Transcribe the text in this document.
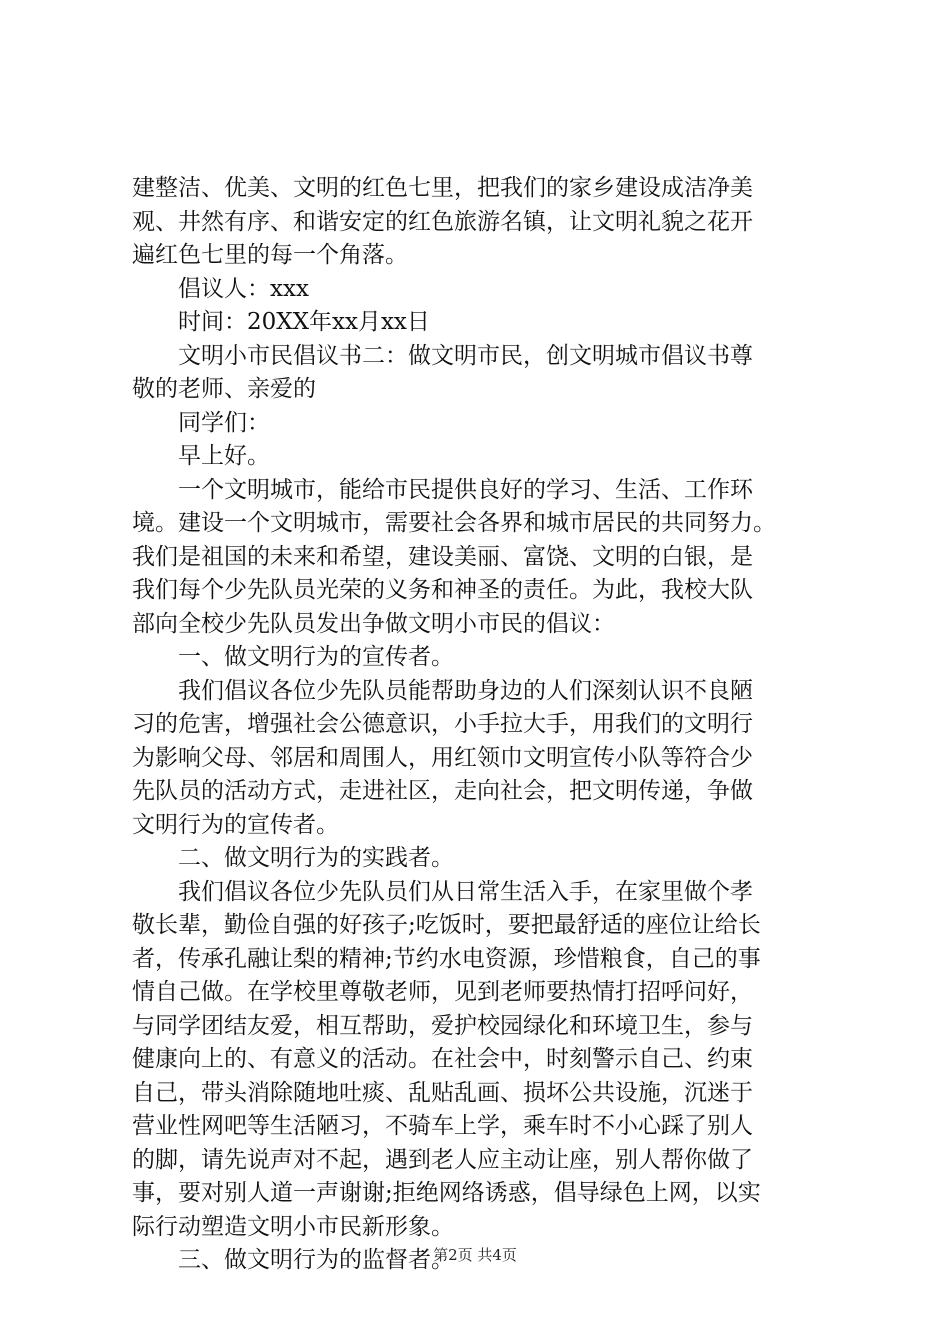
建整洁、优美、文明的红色七里，把我们的家乡建设成洁净美
观、井然有序、和谐安定的红色旅游名镇，让文明礼貌之花开
遍红色七里的每一个角落。
倡议人：xxx
时间：20XX年xx月xx日
文明小市民倡议书二：做文明市民，创文明城市倡议书尊
敬的老师、亲爱的
同学们：
早上好。
一个文明城市，能给市民提供良好的学习、生活、工作环
境。建设一个文明城市，需要社会各界和城市居民的共同努力。
我们是祖国的未来和希望，建设美丽、富饶、文明的白银，是
我们每个少先队员光荣的义务和神圣的责任。为此，我校大队
部向全校少先队员发出争做文明小市民的倡议：
一、做文明行为的宣传者。
我们倡议各位少先队员能帮助身边的人们深刻认识不良陋
习的危害，增强社会公德意识，小手拉大手，用我们的文明行
为影响父母、邻居和周围人，用红领巾文明宣传小队等符合少
先队员的活动方式，走进社区，走向社会，把文明传递，争做
文明行为的宣传者。
二、做文明行为的实践者。
我们倡议各位少先队员们从日常生活入手，在家里做个孝
敬长辈，勤俭自强的好孩子;吃饭时，要把最舒适的座位让给长
者，传承孔融让梨的精神;节约水电资源，珍惜粮食，自己的事
情自己做。在学校里尊敬老师，见到老师要热情打招呼问好，
与同学团结友爱，相互帮助，爱护校园绿化和环境卫生，参与
健康向上的、有意义的活动。在社会中，时刻警示自己、约束
自己，带头消除随地吐痰、乱贴乱画、损坏公共设施，沉迷于
营业性网吧等生活陋习，不骑车上学，乘车时不小心踩了别人
的脚，请先说声对不起，遇到老人应主动让座，别人帮你做了
事，要对别人道一声谢谢;拒绝网络诱惑，倡导绿色上网，以实
际行动塑造文明小市民新形象。
三、做文明行为的监督者。
第2页 共4页
